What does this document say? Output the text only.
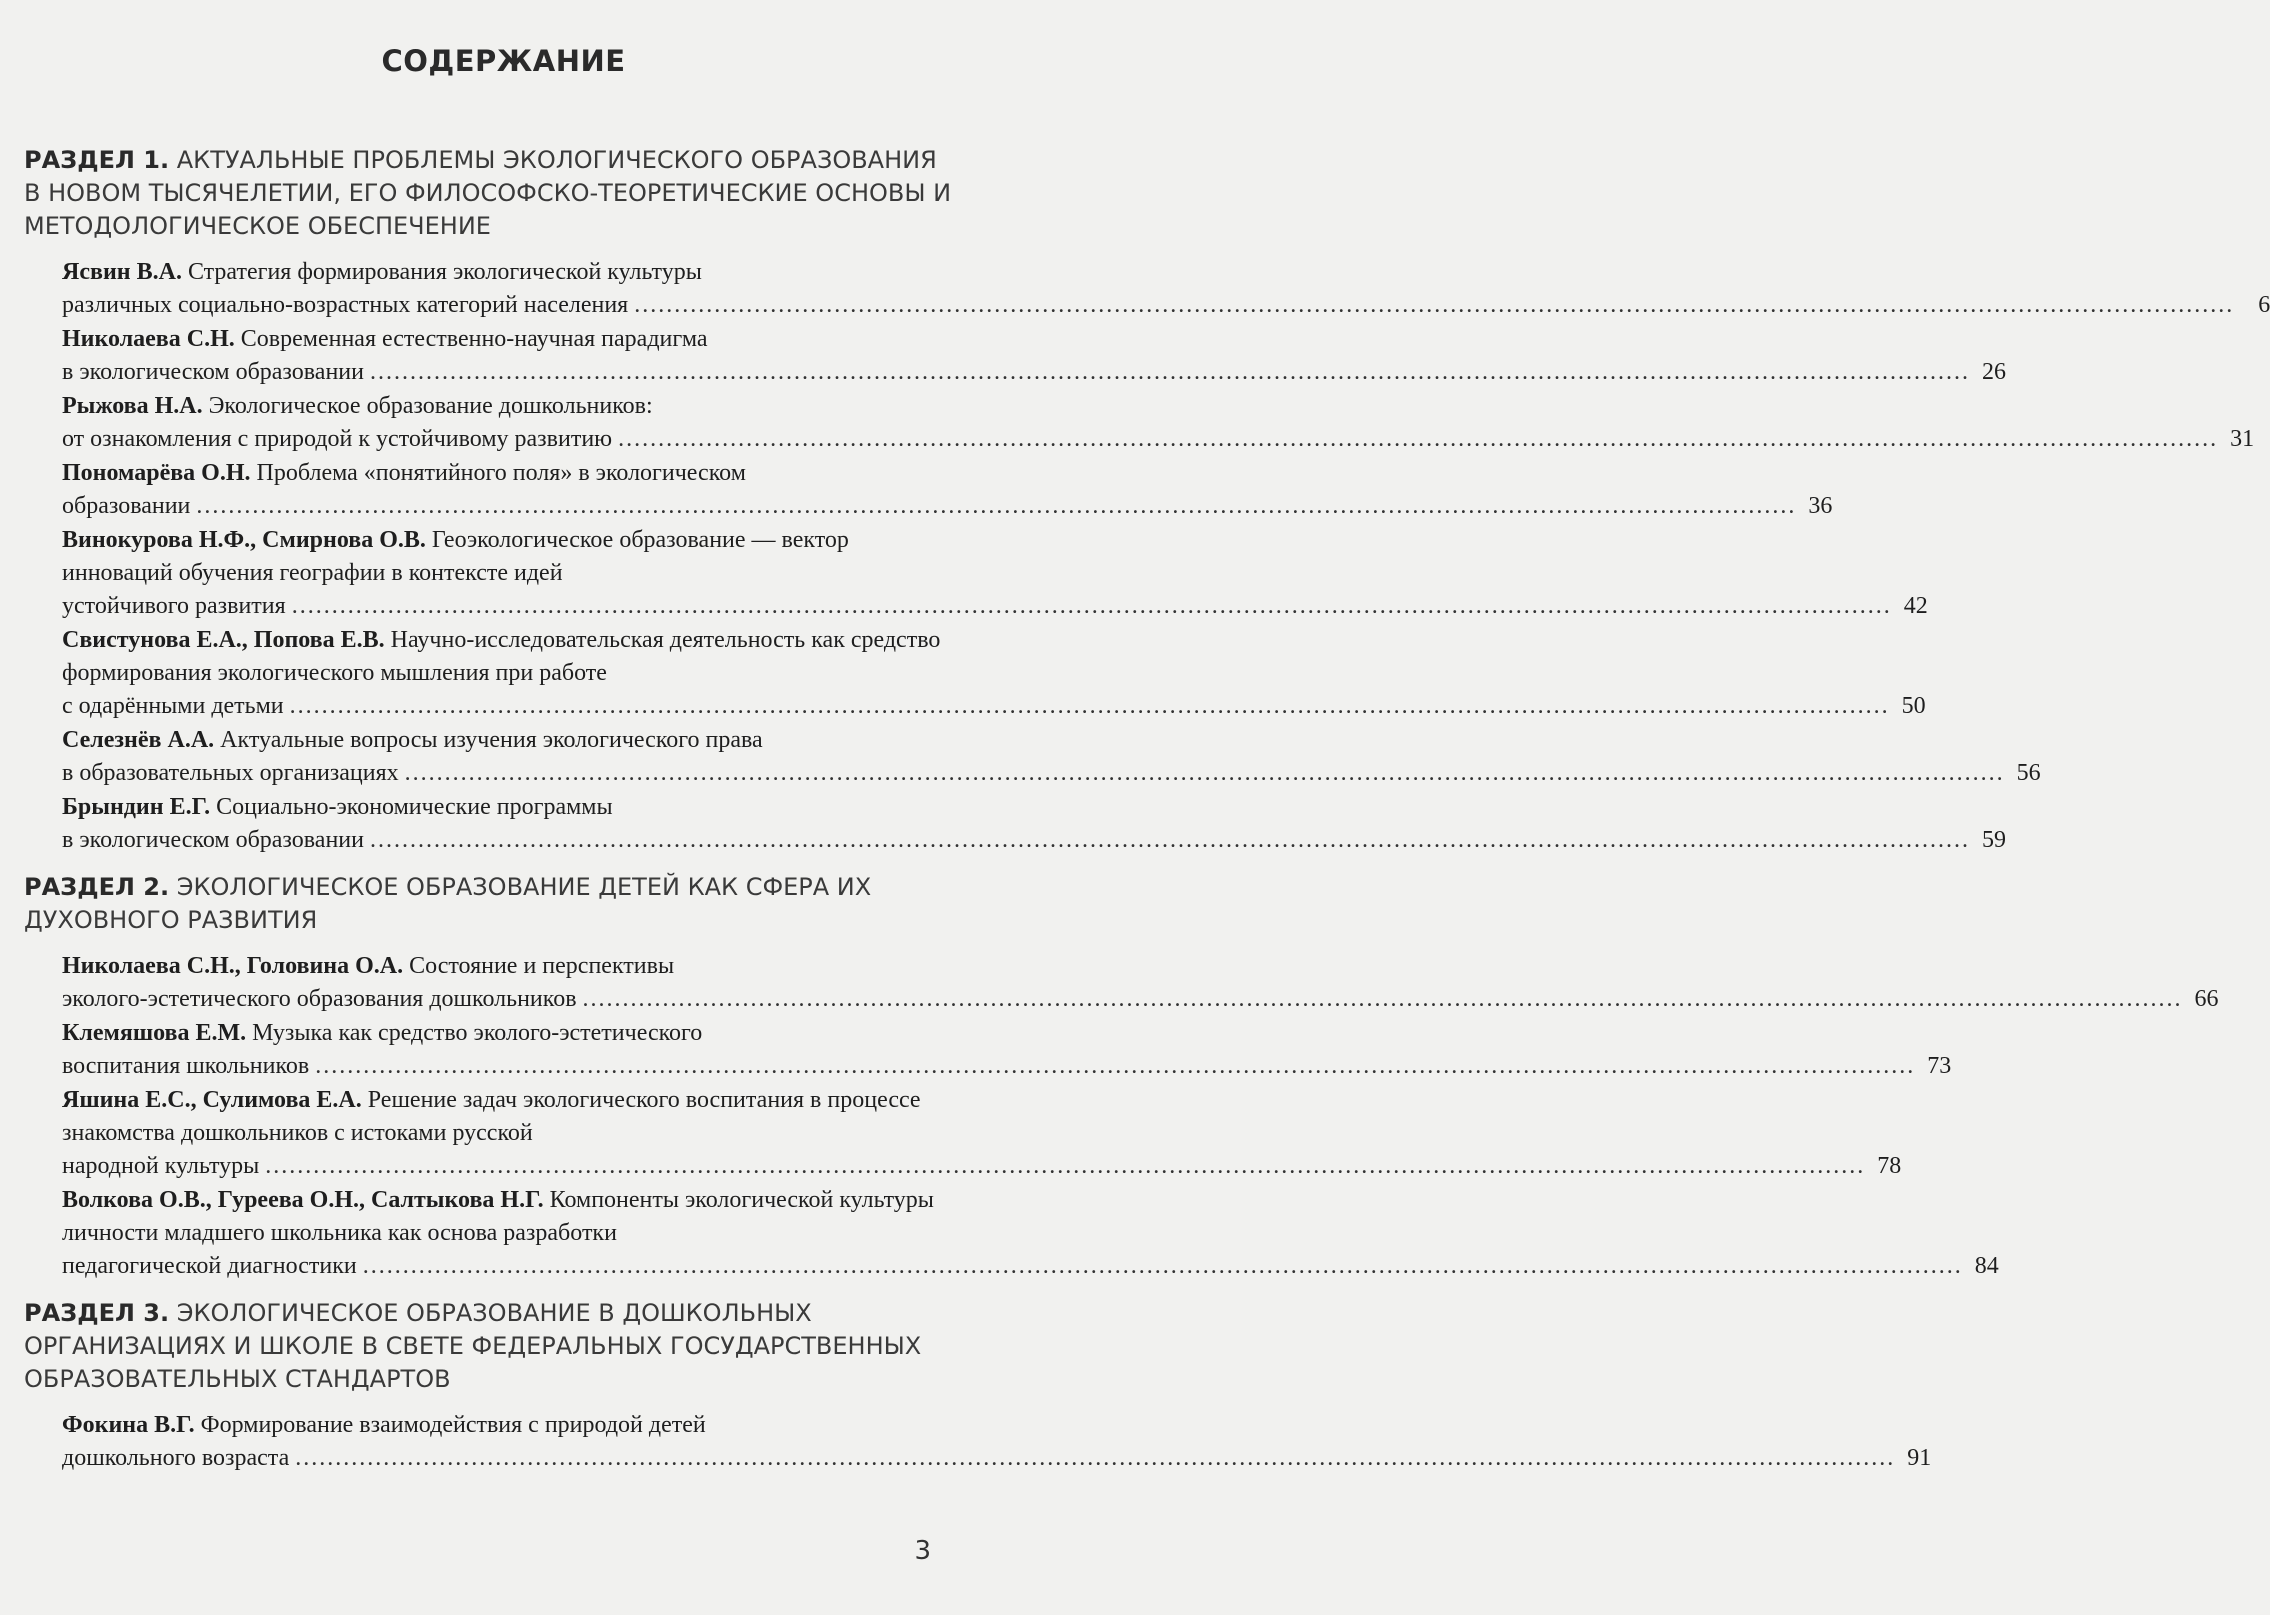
СОДЕРЖАНИЕ
РАЗДЕЛ 1. АКТУАЛЬНЫЕ ПРОБЛЕМЫ ЭКОЛОГИЧЕСКОГО ОБРАЗОВАНИЯ В НОВОМ ТЫСЯЧЕЛЕТИИ, ЕГО ФИЛОСОФСКО-ТЕОРЕТИЧЕСКИЕ ОСНОВЫ И МЕТОДОЛОГИЧЕСКОЕ ОБЕСПЕЧЕНИЕ
Ясвин В.А. Стратегия формирования экологической культуры
различных социально-возрастных категорий населения ........................................................................................................................................................................................................	6
Николаева С.Н. Современная естественно-научная парадигма
в экологическом образовании ........................................................................................................................................................................................................ 26
Рыжова Н.А. Экологическое образование дошкольников:
от ознакомления с природой к устойчивому развитию ........................................................................................................................................................................................................ 31
Пономарёва О.Н. Проблема «понятийного поля» в экологическом
образовании ........................................................................................................................................................................................................ 36
Винокурова Н.Ф., Смирнова О.В. Геоэкологическое образование — вектор инноваций обучения географии в контексте идей
устойчивого развития ........................................................................................................................................................................................................ 42
Свистунова Е.А., Попова Е.В. Научно-исследовательская деятельность как средство формирования экологического мышления при работе
с одарёнными детьми ........................................................................................................................................................................................................ 50
Селезнёв А.А. Актуальные вопросы изучения экологического права
в образовательных организациях ........................................................................................................................................................................................................ 56
Брындин Е.Г. Социально-экономические программы
в экологическом образовании ........................................................................................................................................................................................................ 59
РАЗДЕЛ 2. ЭКОЛОГИЧЕСКОЕ ОБРАЗОВАНИЕ ДЕТЕЙ КАК СФЕРА ИХ ДУХОВНОГО РАЗВИТИЯ
Николаева С.Н., Головина О.А. Состояние и перспективы
эколого-эстетического образования дошкольников ........................................................................................................................................................................................................ 66
Клемяшова Е.М. Музыка как средство эколого-эстетического
воспитания школьников ........................................................................................................................................................................................................ 73
Яшина Е.С., Сулимова Е.А. Решение задач экологического воспитания в процессе знакомства дошкольников с истоками русской
народной культуры ........................................................................................................................................................................................................ 78
Волкова О.В., Гуреева О.Н., Салтыкова Н.Г. Компоненты экологической культуры личности младшего школьника как основа разработки
педагогической диагностики ........................................................................................................................................................................................................ 84
РАЗДЕЛ 3. ЭКОЛОГИЧЕСКОЕ ОБРАЗОВАНИЕ В ДОШКОЛЬНЫХ ОРГАНИЗАЦИЯХ И ШКОЛЕ В СВЕТЕ ФЕДЕРАЛЬНЫХ ГОСУДАРСТВЕННЫХ ОБРАЗОВАТЕЛЬНЫХ СТАНДАРТОВ
Фокина В.Г. Формирование взаимодействия с природой детей
дошкольного возраста ........................................................................................................................................................................................................ 91
3
